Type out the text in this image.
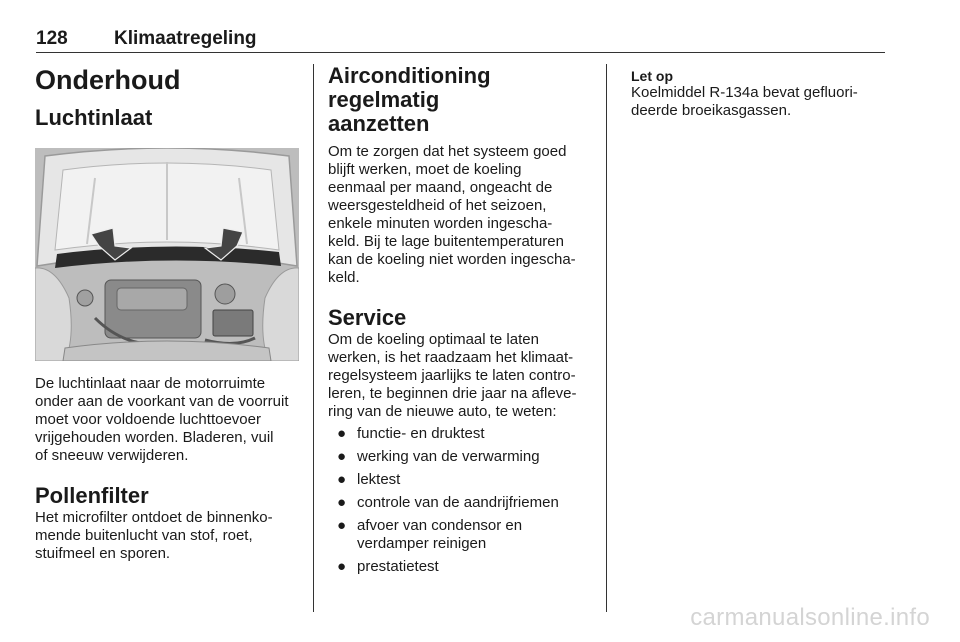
128 Klimaatregeling
Onderhoud
Luchtinlaat

De luchtinlaat naar de motorruimte

onder aan de voorkant van de voorruit

moet voor voldoende luchttoevoer

vrijgehouden worden. Bladeren, vuil

of sneeuw verwijderen.

Pollenfilter

Het microfilter ontdoet de binnenko-

mende buitenlucht van stof, roet,

stuifmeel en sporen.

Airconditioning regelmatig
aanzetten

Om te zorgen dat het systeem goed

blijft werken, moet de koeling

eenmaal per maand, ongeacht de

weersgesteldheid of het seizoen,

enkele minuten worden ingescha-

keld. Bij te lage buitentemperaturen

kan de koeling niet worden ingescha-

keld.

Service

Om de koeling optimaal te laten

werken, is het raadzaam het klimaat-

regelsysteem jaarlijks te laten contro-

leren, te beginnen drie jaar na afleve-

ring van de nieuwe auto, te weten:

● functie- en druktest
● werking van de verwarming
● lektest
● controle van de aandrijfriemen
● afvoer van condensor en
verdamper reinigen
● prestatietest
Let op

Koelmiddel R-134a bevat gefluori-

deerde broeikasgassen.

carmanualsonline.info
